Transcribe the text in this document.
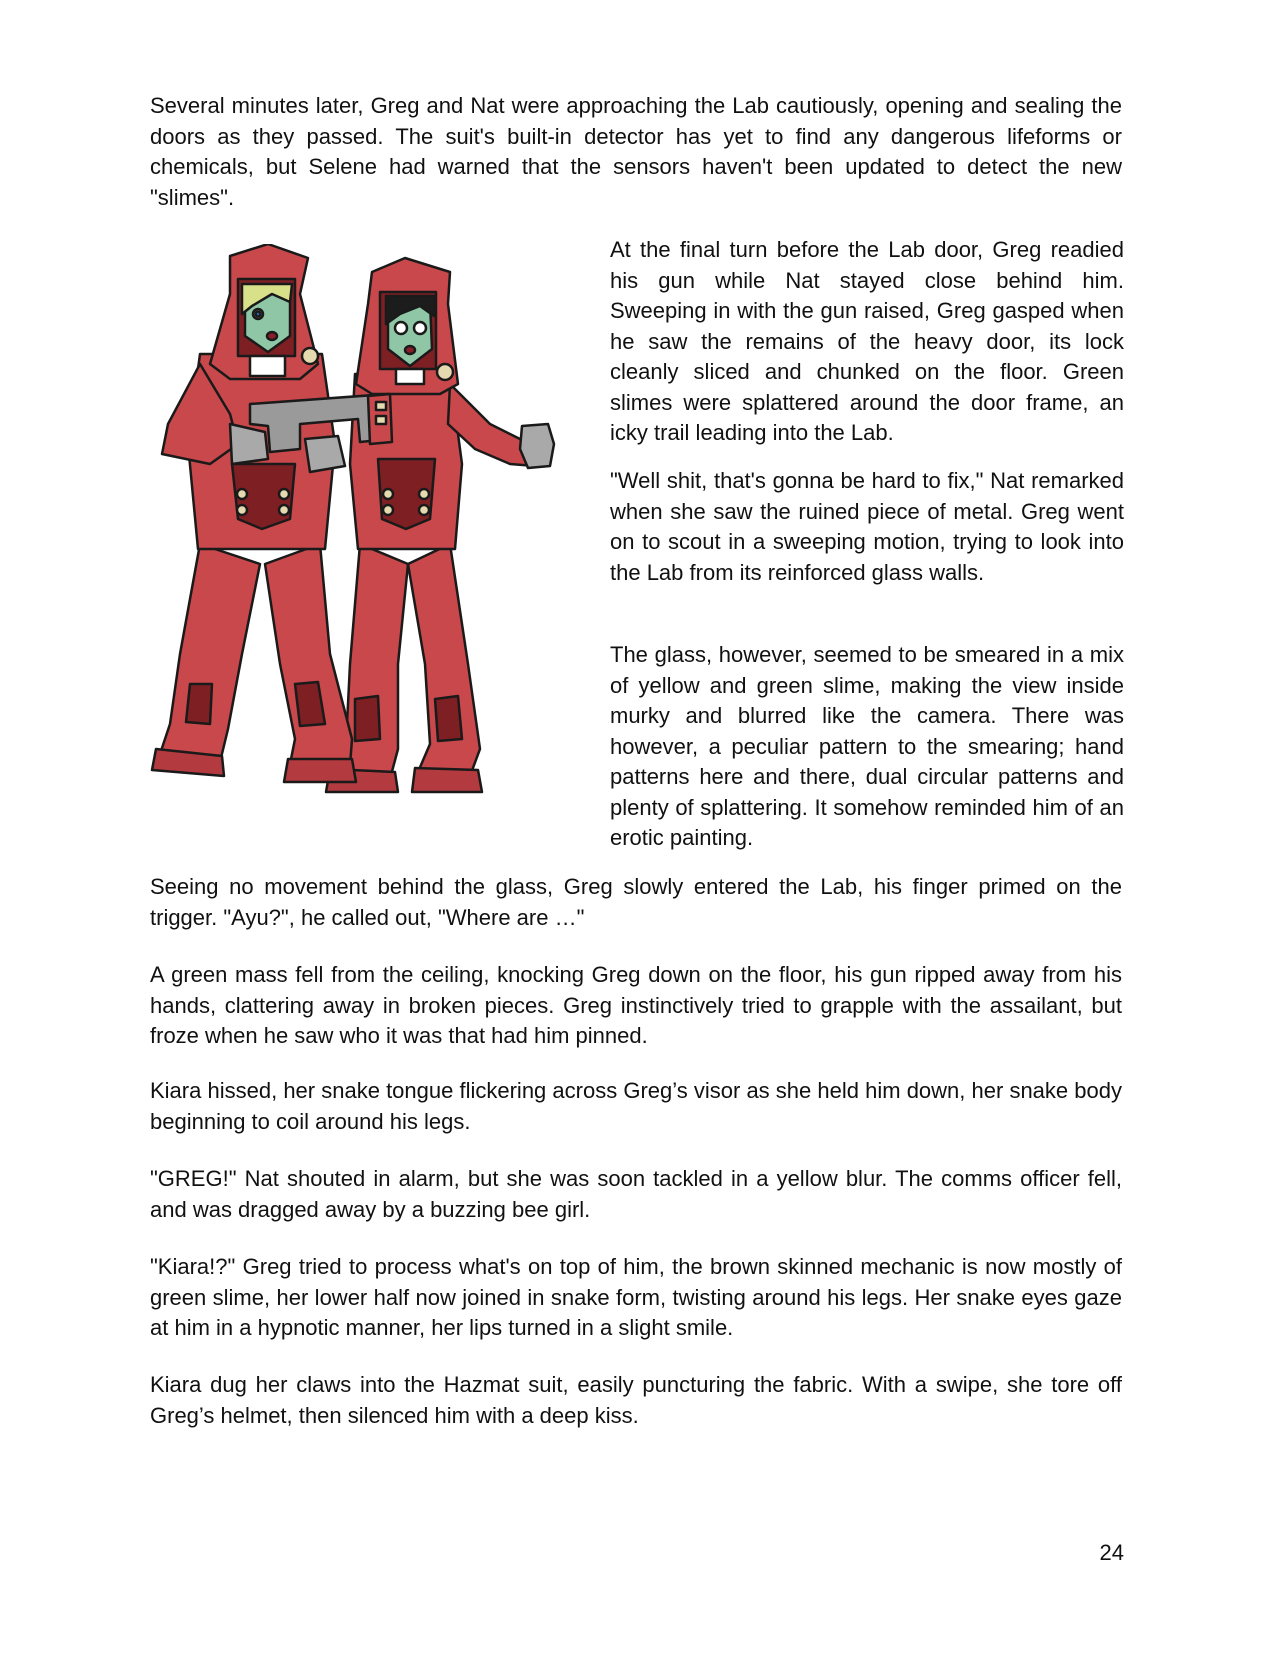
Several minutes later, Greg and Nat were approaching the Lab cautiously, opening and sealing the doors as they passed. The suit's built-in detector has yet to find any dangerous lifeforms or chemicals, but Selene had warned that the sensors haven't been updated to detect the new "slimes".

At the final turn before the Lab door, Greg readied his gun while Nat stayed close behind him. Sweeping in with the gun raised, Greg gasped when he saw the remains of the heavy door, its lock cleanly sliced and chunked on the floor. Green slimes were splattered around the door frame, an icky trail leading into the Lab.

"Well shit, that's gonna be hard to fix," Nat remarked when she saw the ruined piece of metal. Greg went on to scout in a sweeping motion, trying to look into the Lab from its reinforced glass walls.

The glass, however, seemed to be smeared in a mix of yellow and green slime, making the view inside murky and blurred like the camera. There was however, a peculiar pattern to the smearing; hand patterns here and there, dual circular patterns and plenty of splattering. It somehow reminded him of an erotic painting.

Seeing no movement behind the glass, Greg slowly entered the Lab, his finger primed on the trigger. "Ayu?", he called out, "Where are …"

A green mass fell from the ceiling, knocking Greg down on the floor, his gun ripped away from his hands, clattering away in broken pieces. Greg instinctively tried to grapple with the assailant, but froze when he saw who it was that had him pinned.

Kiara hissed, her snake tongue flickering across Greg’s visor as she held him down, her snake body beginning to coil around his legs.

"GREG!" Nat shouted in alarm, but she was soon tackled in a yellow blur. The comms officer fell, and was dragged away by a buzzing bee girl.

"Kiara!?" Greg tried to process what's on top of him, the brown skinned mechanic is now mostly of green slime, her lower half now joined in snake form, twisting around his legs. Her snake eyes gaze at him in a hypnotic manner, her lips turned in a slight smile.

Kiara dug her claws into the Hazmat suit, easily puncturing the fabric. With a swipe, she tore off Greg’s helmet, then silenced him with a deep kiss.

24
